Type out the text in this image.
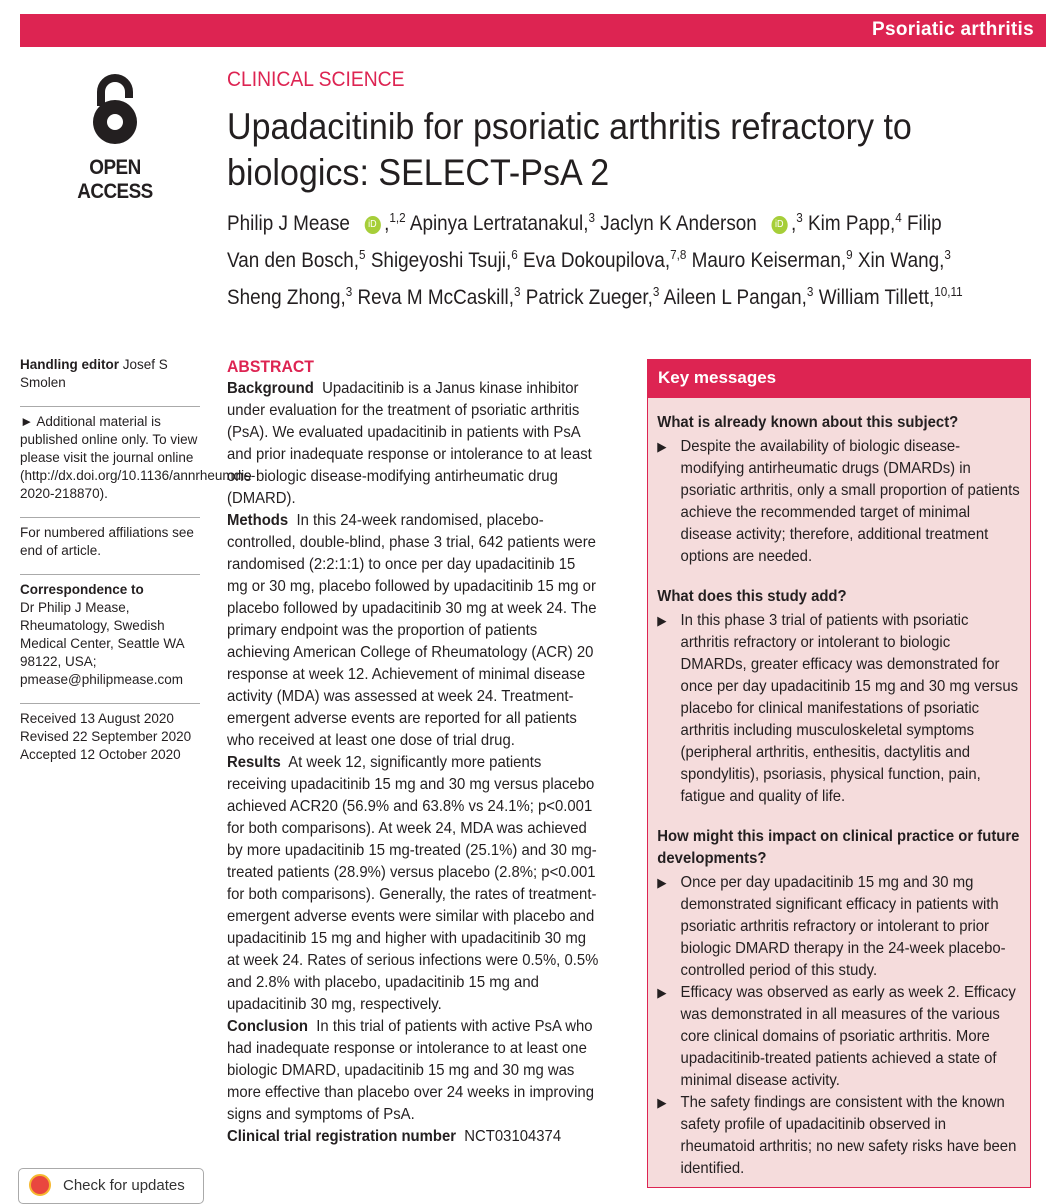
Psoriatic arthritis
OPEN ACCESS
CLINICAL SCIENCE
Upadacitinib for psoriatic arthritis refractory to biologics: SELECT-PsA 2
Philip J Mease iD ,$^{1,2}$ Apinya Lertratanakul,$^3$ Jaclyn K Anderson iD ,$^3$ Kim Papp,$^4$ Filip Van den Bosch,$^5$ Shigeyoshi Tsuji,$^6$ Eva Dokoupilova,$^{7,8}$ Mauro Keiserman,$^9$ Xin Wang,$^3$ Sheng Zhong,$^3$ Reva M McCaskill,$^3$ Patrick Zueger,$^3$ Aileen L Pangan,$^3$ William Tillett,$^{10,11}$

Handling editor Josef S Smolen

► Additional material is published online only. To view please visit the journal online (http://dx.doi.org/10.1136/annrheumdis-2020-218870).

For numbered affiliations see end of article.

Correspondence to

Dr Philip J Mease, Rheumatology, Swedish Medical Center, Seattle WA 98122, USA; pmease@philipmease.com

Received 13 August 2020

Revised 22 September 2020

Accepted 12 October 2020

ABSTRACT

Background Upadacitinib is a Janus kinase inhibitor under evaluation for the treatment of psoriatic arthritis (PsA). We evaluated upadacitinib in patients with PsA and prior inadequate response or intolerance to at least one biologic disease-modifying antirheumatic drug (DMARD).

Methods In this 24-week randomised, placebo-controlled, double-blind, phase 3 trial, 642 patients were randomised (2:2:1:1) to once per day upadacitinib 15 mg or 30 mg, placebo followed by upadacitinib 15 mg or placebo followed by upadacitinib 30 mg at week 24. The primary endpoint was the proportion of patients achieving American College of Rheumatology (ACR) 20 response at week 12. Achievement of minimal disease activity (MDA) was assessed at week 24. Treatment-emergent adverse events are reported for all patients who received at least one dose of trial drug.

Results At week 12, significantly more patients receiving upadacitinib 15 mg and 30 mg versus placebo achieved ACR20 (56.9% and 63.8% vs 24.1%; p<0.001 for both comparisons). At week 24, MDA was achieved by more upadacitinib 15 mg-treated (25.1%) and 30 mg-treated patients (28.9%) versus placebo (2.8%; p<0.001 for both comparisons). Generally, the rates of treatment-emergent adverse events were similar with placebo and upadacitinib 15 mg and higher with upadacitinib 30 mg at week 24. Rates of serious infections were 0.5%, 0.5% and 2.8% with placebo, upadacitinib 15 mg and upadacitinib 30 mg, respectively.

Conclusion In this trial of patients with active PsA who had inadequate response or intolerance to at least one biologic DMARD, upadacitinib 15 mg and 30 mg was more effective than placebo over 24 weeks in improving signs and symptoms of PsA.

Clinical trial registration number NCT03104374

Key messages

What is already known about this subject?

▶ Despite the availability of biologic disease-modifying antirheumatic drugs (DMARDs) in psoriatic arthritis, only a small proportion of patients achieve the recommended target of minimal disease activity; therefore, additional treatment options are needed.

What does this study add?

▶ In this phase 3 trial of patients with psoriatic arthritis refractory or intolerant to biologic DMARDs, greater efficacy was demonstrated for once per day upadacitinib 15 mg and 30 mg versus placebo for clinical manifestations of psoriatic arthritis including musculoskeletal symptoms (peripheral arthritis, enthesitis, dactylitis and spondylitis), psoriasis, physical function, pain, fatigue and quality of life.

How might this impact on clinical practice or future developments?

▶ Once per day upadacitinib 15 mg and 30 mg demonstrated significant efficacy in patients with psoriatic arthritis refractory or intolerant to prior biologic DMARD therapy in the 24-week placebo-controlled period of this study.

▶ Efficacy was observed as early as week 2. Efficacy was demonstrated in all measures of the various core clinical domains of psoriatic arthritis. More upadacitinib-treated patients achieved a state of minimal disease activity.

▶ The safety findings are consistent with the known safety profile of upadacitinib observed in rheumatoid arthritis; no new safety risks have been identified.

Check for updates
